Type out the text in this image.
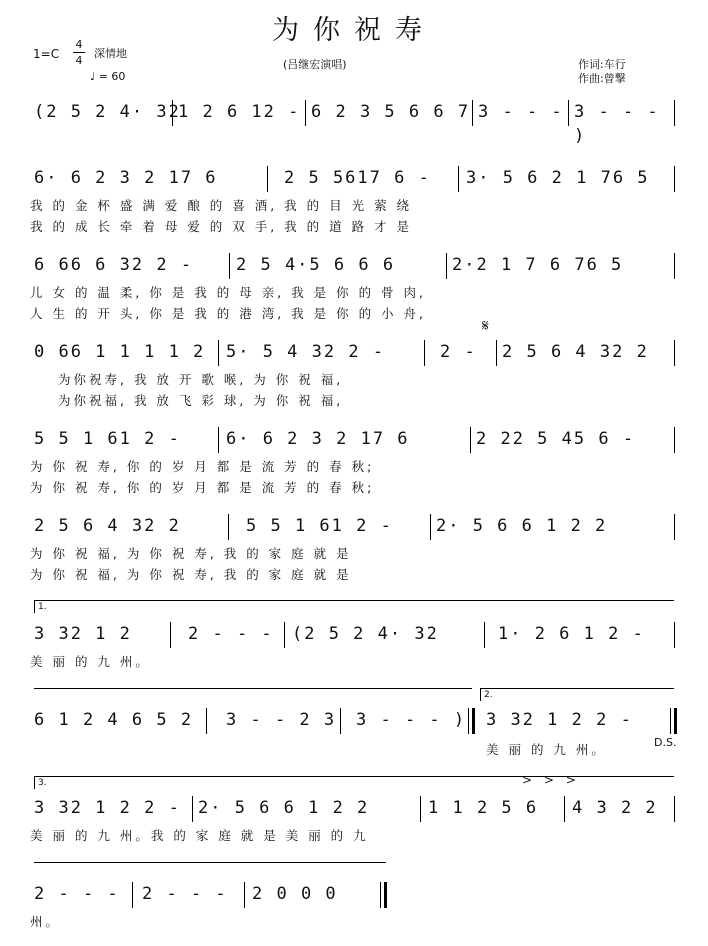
为你祝寿
1=C
4
4
深情地
♩ = 60
(吕继宏演唱)	作词:车行
作曲:曾撃
(2 5 2 4· 32
1 2 6 12 - 6 2 3 5 6 6 7 3 - - - 3 - - - )
6· 6 2 3 2 17 6	2 5 5617 6 - 3· 5 6 2 1 76 5
我 的 金 杯 盛 满 爱 酿 的 喜 酒, 我 的 目 光 萦 绕
我 的 成 长 牵 着 母 爱 的 双 手, 我 的 道 路 才 是
6 66 6 32 2 -	2 5 4·5 6 6 6	2·2 1 7 6 76 5
儿 女 的 温 柔, 你 是 我 的 母 亲, 我 是 你 的 骨 肉,
人 生 的 开 头, 你 是 我 的 港 湾, 我 是 你 的 小 舟,
0 66 1 1 1 1 2 5· 5 4 32 2 -	2 -
𝄋
2 5 6 4 32 2
为你祝寿, 我 放 开 歌 喉, 为 你 祝 福,
为你祝福, 我 放 飞 彩 球, 为 你 祝 福,
5 5 1 61 2 -	6· 6 2 3 2 17 6	2 22 5 45 6 -
为 你 祝 寿, 你 的 岁 月 都 是 流 芳 的 春 秋;
为 你 祝 寿, 你 的 岁 月 都 是 流 芳 的 春 秋;
2 5 6 4 32 2	5 5 1 61 2 -	2· 5 6 6 1 2 2
为 你 祝 福, 为 你 祝 寿, 我 的 家 庭 就 是
为 你 祝 福, 为 你 祝 寿, 我 的 家 庭 就 是
1.
3 32 1 2	2 - - - (2 5 2 4· 32	1· 2 6 1 2 -
美 丽 的 九 州。
2.
6 1 2 4 6 5 2 3 - - 2 3 3 - - - ) 3 32 1 2 2 -
美 丽 的 九 州。	D.S.
3.	> > >
3 32 1 2 2 - 2· 5 6 6 1 2 2	1 1 2 5 6 4 3 2 2
美 丽 的 九 州。我 的 家 庭 就 是 美 丽 的 九
2 - - - 2 - - - 2 0 0 0
州。
